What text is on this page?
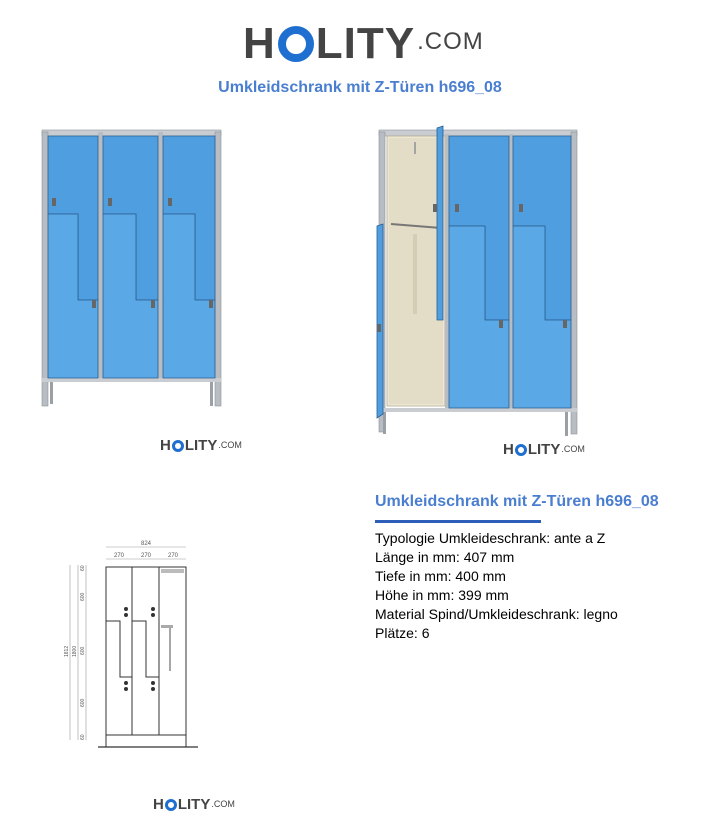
H LITY .COM
Umkleidschrank mit Z-Türen h696_08
H LITY .COM	H LITY .COM
824
270	270	270
60
600
1800
1812 600
600
60
H LITY .COM
Umkleidschrank mit Z-Türen h696_08
Typologie Umkleideschrank: ante a Z
Länge in mm: 407 mm
Tiefe in mm: 400 mm
Höhe in mm: 399 mm
Material Spind/Umkleideschrank: legno
Plätze: 6
